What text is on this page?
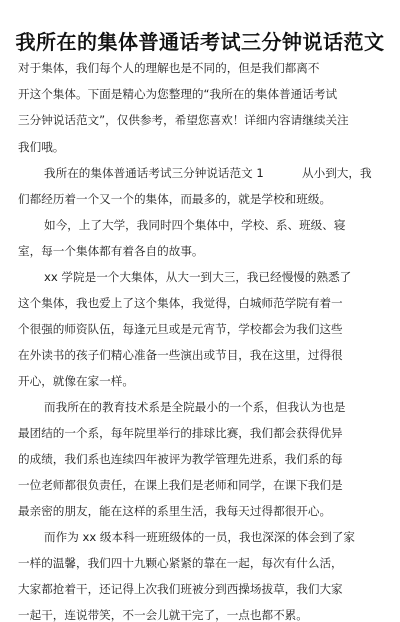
我所在的集体普通话考试三分钟说话范文
对于集体，我们每个人的理解也是不同的，但是我们都离不
开这个集体。下面是精心为您整理的“我所在的集体普通话考试
三分钟说话范文”，仅供参考，希望您喜欢！详细内容请继续关注
我们哦。
我所在的集体普通话考试三分钟说话范文 1	从小到大，我
们都经历着一个又一个的集体，而最多的，就是学校和班级。
如今，上了大学，我同时四个集体中，学校、系、班级、寝
室，每一个集体都有着各自的故事。
xx 学院是一个大集体，从大一到大三，我已经慢慢的熟悉了
这个集体，我也爱上了这个集体，我觉得，白城师范学院有着一
个很强的师资队伍，每逢元旦或是元宵节，学校都会为我们这些
在外读书的孩子们精心准备一些演出或节目，我在这里，过得很
开心，就像在家一样。
而我所在的教育技术系是全院最小的一个系，但我认为也是
最团结的一个系，每年院里举行的排球比赛，我们都会获得优异
的成绩，我们系也连续四年被评为教学管理先进系，我们系的每
一位老师都很负责任，在课上我们是老师和同学，在课下我们是
最亲密的朋友，能在这样的系里生活，我每天过得都很开心。
而作为 xx 级本科一班班级体的一员，我也深深的体会到了家
一样的温馨，我们四十九颗心紧紧的靠在一起，每次有什么活，
大家都抢着干，还记得上次我们班被分到西操场拔草，我们大家
一起干，连说带笑，不一会儿就干完了，一点也都不累。
